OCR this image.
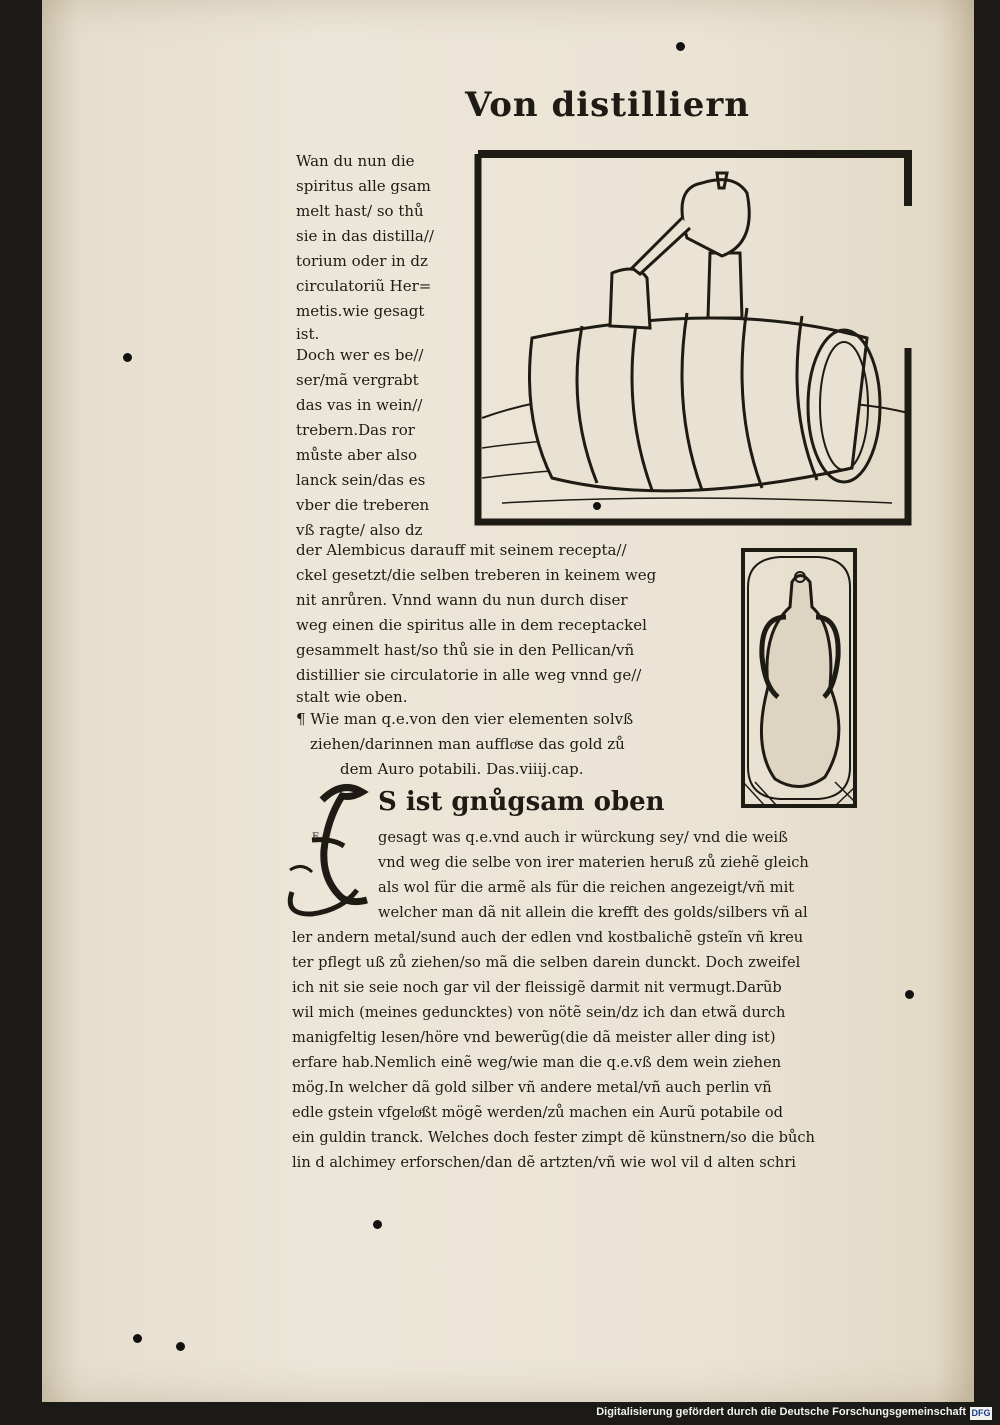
Von distilliern
Wan du nun die
spiritus alle gsam
melt hast/ so thů
sie in das distilla//
torium oder in dz
circulatoriũ Her=
metis.wie gesagt
ist.
Doch wer es be//
ser/mã vergrabt
das vas in wein//
trebern.Das ror
můste aber also
lanck sein/das es
vber die treberen
vß ragte/ also dz
der Alembicus darauff mit seinem recepta//
ckel gesetzt/die selben treberen in keinem weg
nit anrůren. Vnnd wann du nun durch diser
weg einen die spiritus alle in dem receptackel
gesammelt hast/so thů sie in den Pellican/vñ
distillier sie circulatorie in alle weg vnnd ge//
stalt wie oben.
¶ Wie man q.e.von den vier elementen solvß
ziehen/darinnen man auffloͤse das gold zů
dem Auro potabili. Das.viiij.cap.
E
S ist gnůgsam oben
gesagt was q.e.vnd auch ir würckung sey/ vnd die weiß
vnd weg die selbe von irer materien heruß zů ziehẽ gleich
als wol für die armẽ als für die reichen angezeigt/vñ mit
welcher man dã nit allein die krefft des golds/silbers vñ al
ler andern metal/sund auch der edlen vnd kostbalichẽ gsteĩn vñ kreu
ter pflegt uß zů ziehen/so mã die selben darein dunckt. Doch zweifel
ich nit sie seie noch gar vil der fleissigẽ darmit nit vermugt.Darũb
wil mich (meines geduncktes) von nötẽ sein/dz ich dan etwã durch
manigfeltig lesen/höre vnd bewerũg(die dã meister aller ding ist)
erfare hab.Nemlich einẽ weg/wie man die q.e.vß dem wein ziehen
mög.In welcher dã gold silber vñ andere metal/vñ auch perlin vñ
edle gstein vfgeloͤßt mögẽ werden/zů machen ein Aurũ potabile od
ein guldin tranck. Welches doch fester zimpt dẽ künstnern/so die bůch
lin d alchimey erforschen/dan dẽ artzten/vñ wie wol vil d alten schri
Digitalisierung gefördert durch die Deutsche Forschungsgemeinschaft DFG
